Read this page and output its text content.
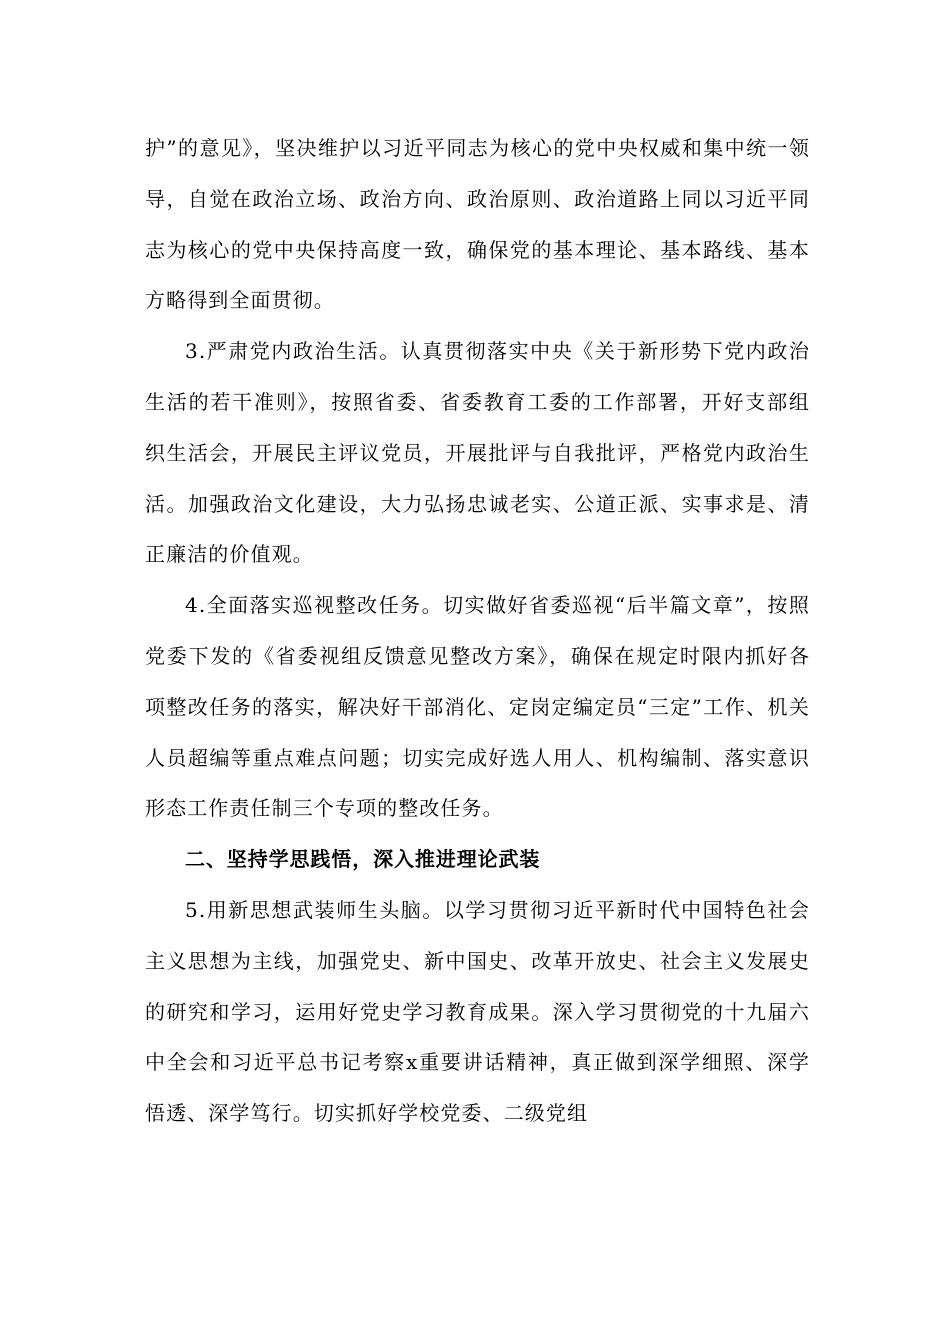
护”的意见》，坚决维护以习近平同志为核心的党中央权威和集中统一领导，自觉在政治立场、政治方向、政治原则、政治道路上同以习近平同志为核心的党中央保持高度一致，确保党的基本理论、基本路线、基本方略得到全面贯彻。

3.严肃党内政治生活。认真贯彻落实中央《关于新形势下党内政治生活的若干准则》，按照省委、省委教育工委的工作部署，开好支部组织生活会，开展民主评议党员，开展批评与自我批评，严格党内政治生活。加强政治文化建设，大力弘扬忠诚老实、公道正派、实事求是、清正廉洁的价值观。

4.全面落实巡视整改任务。切实做好省委巡视“后半篇文章”，按照党委下发的《省委视组反馈意见整改方案》，确保在规定时限内抓好各项整改任务的落实，解决好干部消化、定岗定编定员“三定”工作、机关人员超编等重点难点问题；切实完成好选人用人、机构编制、落实意识形态工作责任制三个专项的整改任务。

二、坚持学思践悟，深入推进理论武装

5.用新思想武装师生头脑。以学习贯彻习近平新时代中国特色社会主义思想为主线，加强党史、新中国史、改革开放史、社会主义发展史的研究和学习，运用好党史学习教育成果。深入学习贯彻党的十九届六中全会和习近平总书记考察x重要讲话精神，真正做到深学细照、深学悟透、深学笃行。切实抓好学校党委、二级党组
